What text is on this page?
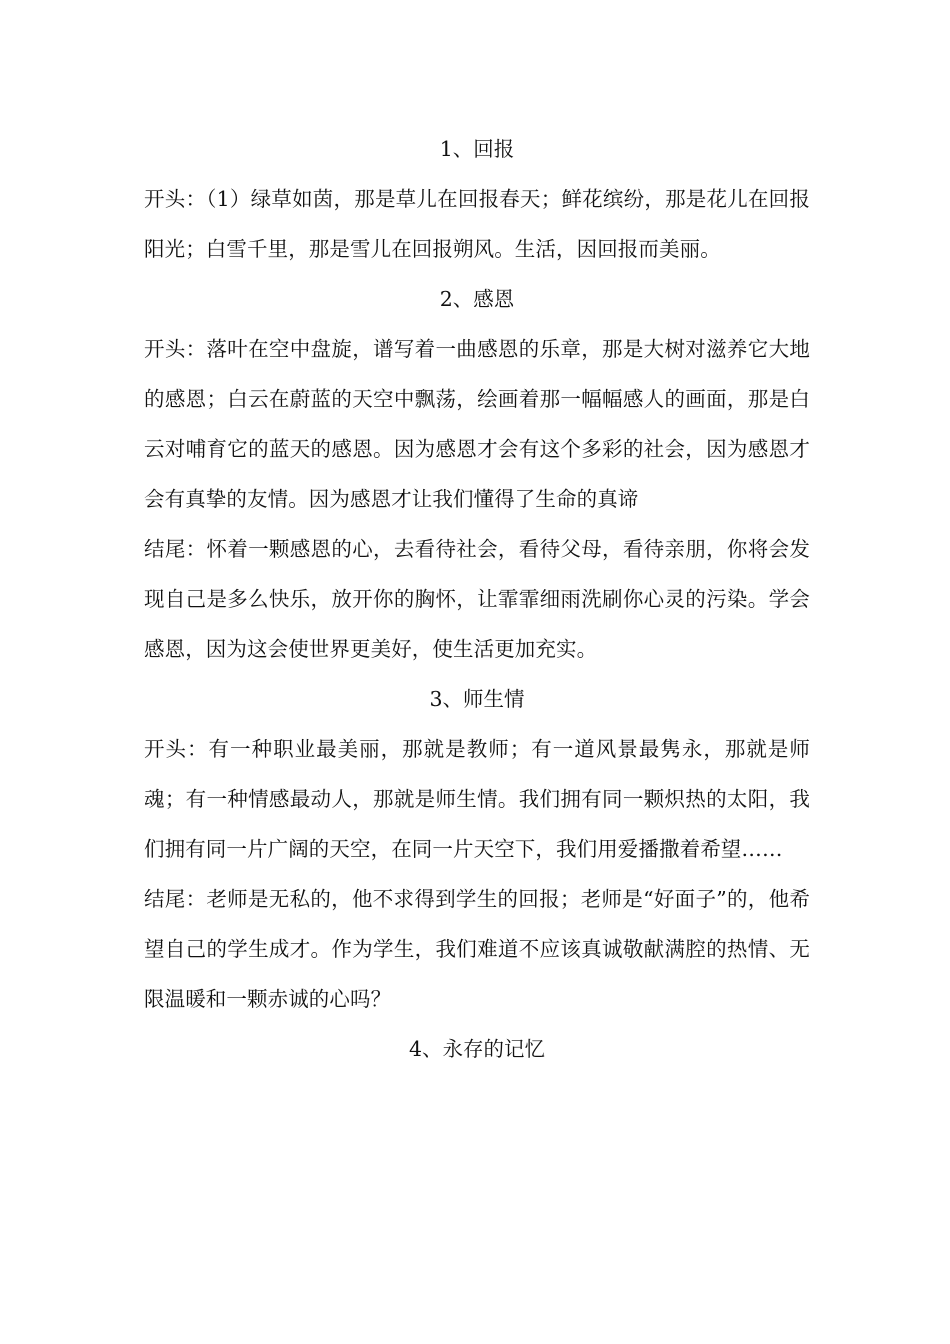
1、回报

开头：（1）绿草如茵，那是草儿在回报春天；鲜花缤纷，那是花儿在回报阳光；白雪千里，那是雪儿在回报朔风。生活，因回报而美丽。

2、感恩

开头：落叶在空中盘旋，谱写着一曲感恩的乐章，那是大树对滋养它大地的感恩；白云在蔚蓝的天空中飘荡，绘画着那一幅幅感人的画面，那是白云对哺育它的蓝天的感恩。因为感恩才会有这个多彩的社会，因为感恩才会有真挚的友情。因为感恩才让我们懂得了生命的真谛

结尾：怀着一颗感恩的心，去看待社会，看待父母，看待亲朋，你将会发现自己是多么快乐，放开你的胸怀，让霏霏细雨洗刷你心灵的污染。学会感恩，因为这会使世界更美好，使生活更加充实。

3、师生情

开头：有一种职业最美丽，那就是教师；有一道风景最隽永，那就是师魂；有一种情感最动人，那就是师生情。我们拥有同一颗炽热的太阳，我们拥有同一片广阔的天空，在同一片天空下，我们用爱播撒着希望……

结尾：老师是无私的，他不求得到学生的回报；老师是“好面子”的，他希望自己的学生成才。作为学生，我们难道不应该真诚敬献满腔的热情、无限温暖和一颗赤诚的心吗？

4、永存的记忆
